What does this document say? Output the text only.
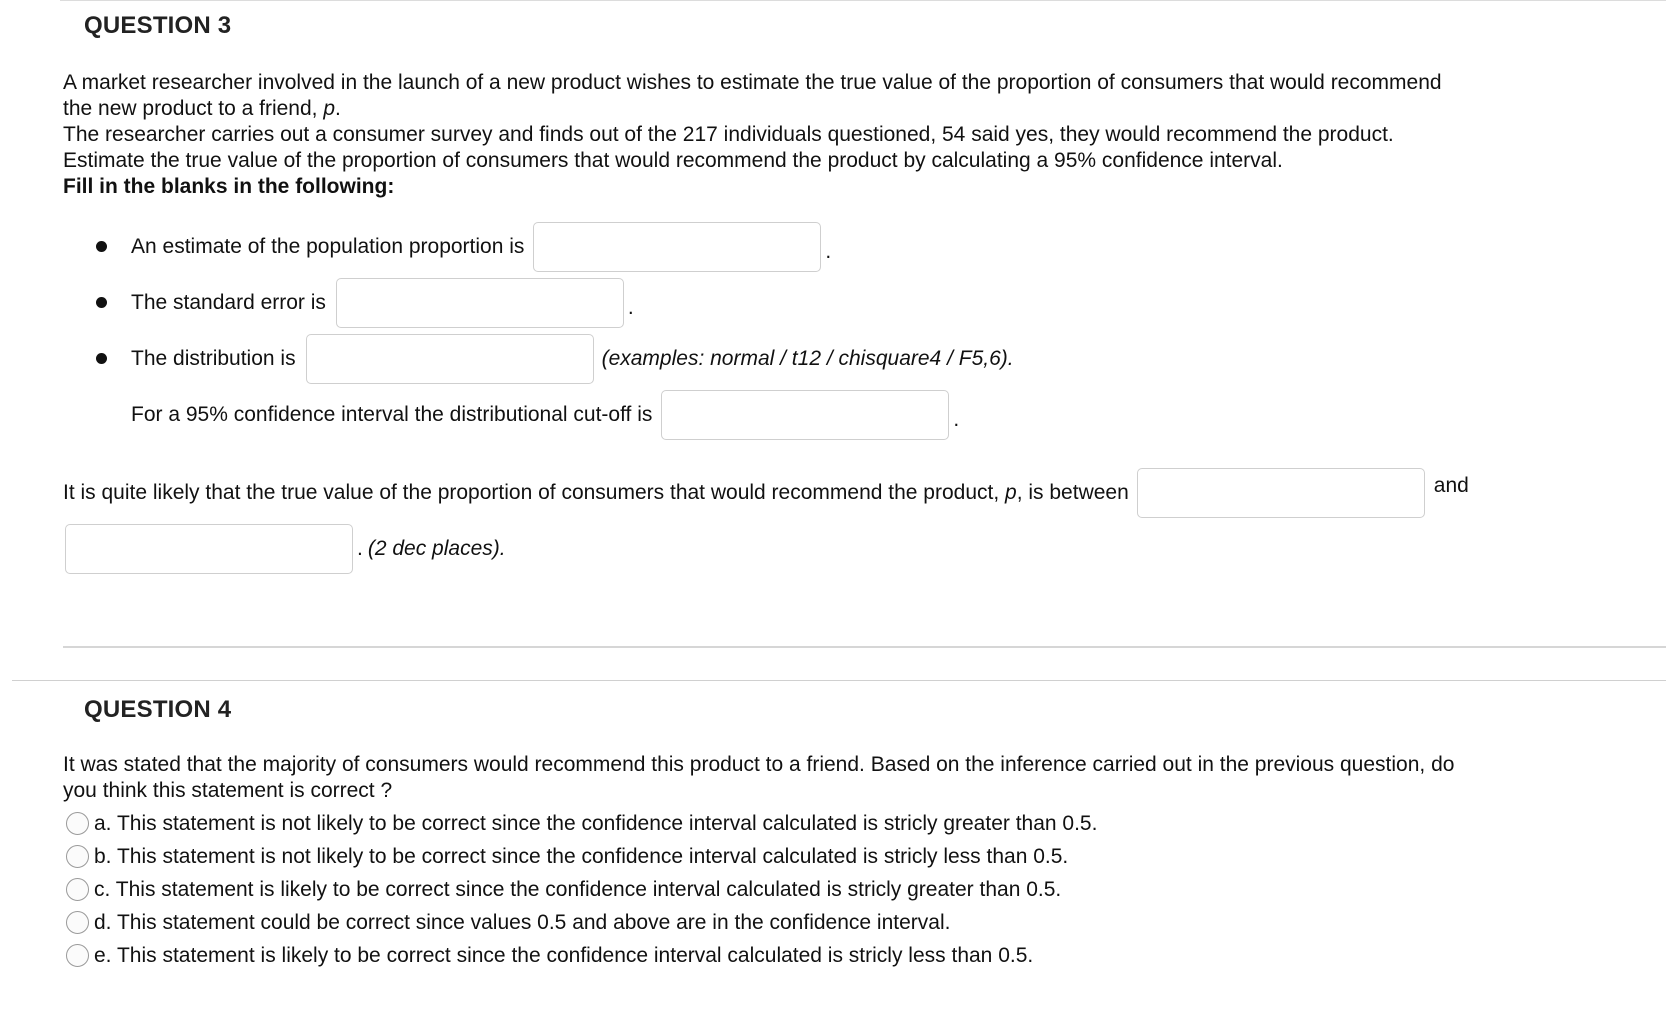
QUESTION 3
A market researcher involved in the launch of a new product wishes to estimate the true value of the proportion of consumers that would recommend
the new product to a friend, p.
The researcher carries out a consumer survey and finds out of the 217 individuals questioned, 54 said yes, they would recommend the product.
Estimate the true value of the proportion of consumers that would recommend the product by calculating a 95% confidence interval.
Fill in the blanks in the following:
An estimate of the population proportion is	.
The standard error is	.
The distribution is	(examples: normal / t12 / chisquare4 / F5,6).
For a 95% confidence interval the distributional cut-off is	.
It is quite likely that the true value of the proportion of consumers that would recommend the product, p, is between	and
. (2 dec places).
QUESTION 4
It was stated that the majority of consumers would recommend this product to a friend. Based on the inference carried out in the previous question, do
you think this statement is correct ?
a. This statement is not likely to be correct since the confidence interval calculated is stricly greater than 0.5.
b. This statement is not likely to be correct since the confidence interval calculated is stricly less than 0.5.
c. This statement is likely to be correct since the confidence interval calculated is stricly greater than 0.5.
d. This statement could be correct since values 0.5 and above are in the confidence interval.
e. This statement is likely to be correct since the confidence interval calculated is stricly less than 0.5.
